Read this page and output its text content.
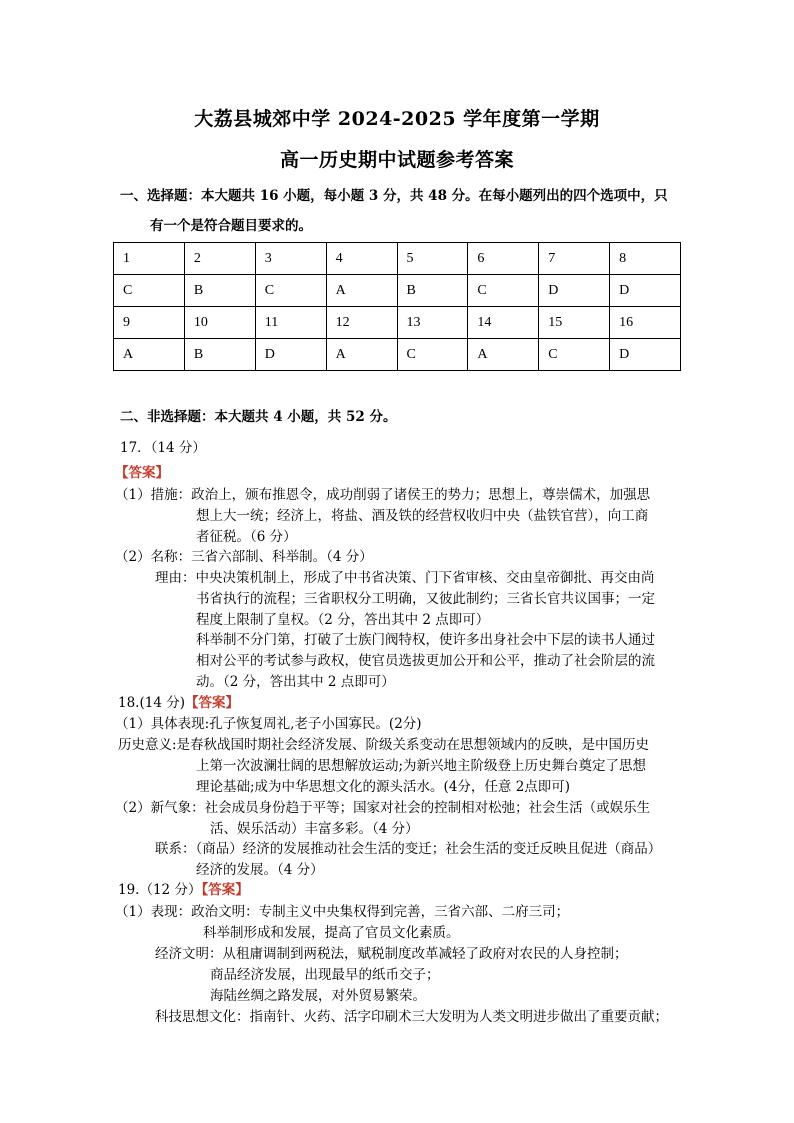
大荔县城郊中学 2024-2025 学年度第一学期
高一历史期中试题参考答案
一、选择题：本大题共 16 小题，每小题 3 分，共 48 分。在每小题列出的四个选项中，只
有一个是符合题目要求的。
1	2	3	4	5	6	7	8
C	B	C	A	B	C	D	D
9	10	11	12	13	14	15	16
A	B	D	A	C	A	C	D
二、非选择题：本大题共 4 小题，共 52 分。
17．（14 分）
【答案】
（1）措施：政治上，颁布推恩令，成功削弱了诸侯王的势力；思想上，尊崇儒术，加强思
想上大一统；经济上，将盐、酒及铁的经营权收归中央（盐铁官营），向工商
者征税。（6 分）
（2）名称：三省六部制、科举制。（4 分）
理由：中央决策机制上，形成了中书省决策、门下省审核、交由皇帝御批、再交由尚
书省执行的流程；三省职权分工明确，又彼此制约；三省长官共议国事；一定
程度上限制了皇权。（2 分，答出其中 2 点即可）
科举制不分门第，打破了士族门阀特权，使许多出身社会中下层的读书人通过
相对公平的考试参与政权，使官员选拔更加公开和公平，推动了社会阶层的流
动。（2 分，答出其中 2 点即可）
18.(14 分)【答案】
（1）具体表现:孔子恢复周礼,老子小国寡民。(2分)
历史意义:是春秋战国时期社会经济发展、阶级关系变动在思想领域内的反映，是中国历史
上第一次波澜壮阔的思想解放运动;为新兴地主阶级登上历史舞台奠定了思想
理论基础;成为中华思想文化的源头活水。(4分，任意 2点即可)
（2）新气象：社会成员身份趋于平等；国家对社会的控制相对松弛；社会生活（或娱乐生
活、娱乐活动）丰富多彩。（4 分）
联系：（商品）经济的发展推动社会生活的变迁；社会生活的变迁反映且促进（商品）
经济的发展。（4 分）
19.（12 分）【答案】
（1）表现：政治文明：专制主义中央集权得到完善，三省六部、二府三司；
科举制形成和发展，提高了官员文化素质。
经济文明：从租庸调制到两税法，赋税制度改革减轻了政府对农民的人身控制；
商品经济发展，出现最早的纸币交子；
海陆丝绸之路发展，对外贸易繁荣。
科技思想文化：指南针、火药、活字印刷术三大发明为人类文明进步做出了重要贡献；
